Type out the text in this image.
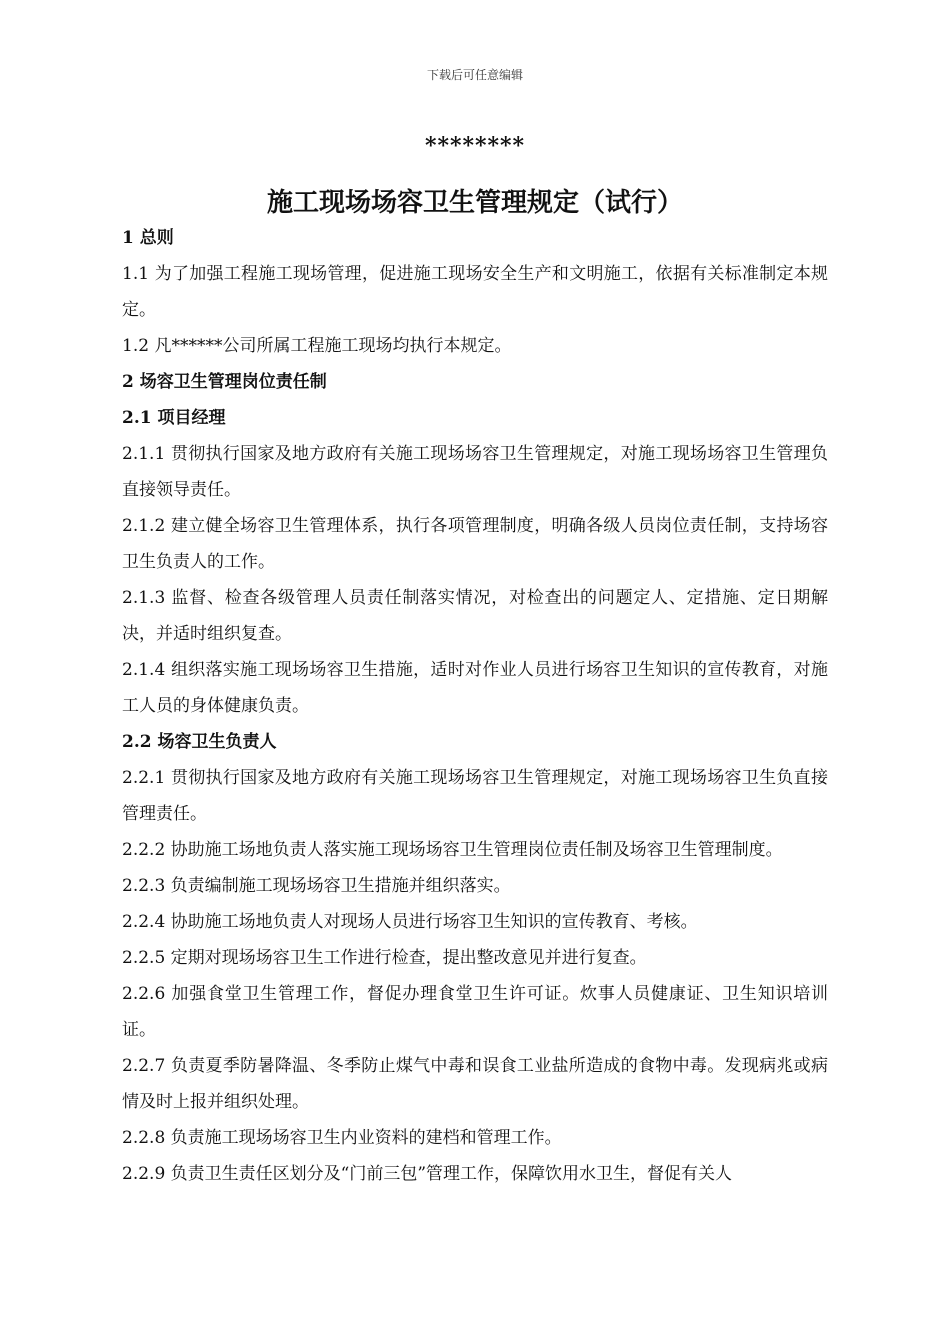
下载后可任意编辑
********
施工现场场容卫生管理规定（试行）

1 总则

1.1 为了加强工程施工现场管理，促进施工现场安全生产和文明施工，依据有关标准制定本规定。

1.2 凡******公司所属工程施工现场均执行本规定。

2 场容卫生管理岗位责任制

2.1 项目经理

2.1.1 贯彻执行国家及地方政府有关施工现场场容卫生管理规定，对施工现场场容卫生管理负直接领导责任。

2.1.2 建立健全场容卫生管理体系，执行各项管理制度，明确各级人员岗位责任制，支持场容卫生负责人的工作。

2.1.3 监督、检查各级管理人员责任制落实情况，对检查出的问题定人、定措施、定日期解决，并适时组织复查。

2.1.4 组织落实施工现场场容卫生措施，适时对作业人员进行场容卫生知识的宣传教育，对施工人员的身体健康负责。

2.2 场容卫生负责人

2.2.1 贯彻执行国家及地方政府有关施工现场场容卫生管理规定，对施工现场场容卫生负直接管理责任。

2.2.2 协助施工场地负责人落实施工现场场容卫生管理岗位责任制及场容卫生管理制度。

2.2.3 负责编制施工现场场容卫生措施并组织落实。

2.2.4 协助施工场地负责人对现场人员进行场容卫生知识的宣传教育、考核。

2.2.5 定期对现场场容卫生工作进行检查，提出整改意见并进行复查。

2.2.6 加强食堂卫生管理工作，督促办理食堂卫生许可证。炊事人员健康证、卫生知识培训证。

2.2.7 负责夏季防暑降温、冬季防止煤气中毒和误食工业盐所造成的食物中毒。发现病兆或病情及时上报并组织处理。

2.2.8 负责施工现场场容卫生内业资料的建档和管理工作。

2.2.9 负责卫生责任区划分及“门前三包”管理工作，保障饮用水卫生，督促有关人
